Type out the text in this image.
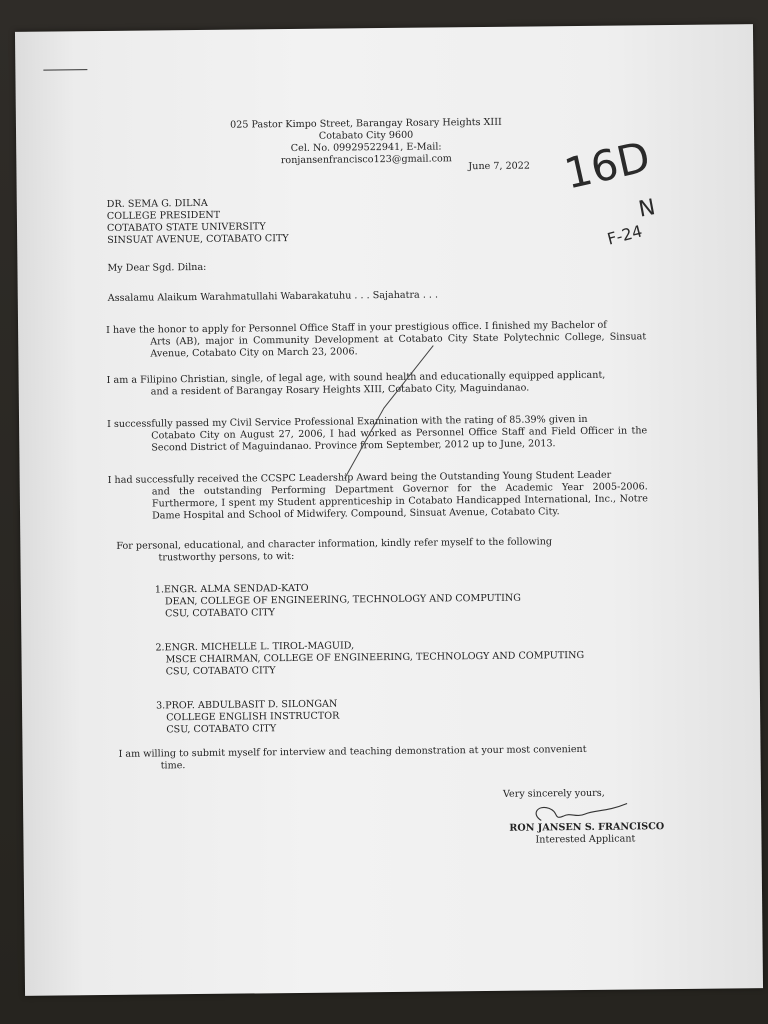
025 Pastor Kimpo Street, Barangay Rosary Heights XIII
Cotabato City 9600
Cel. No. 09929522941, E-Mail: ronjansenfrancisco123@gmail.com
June 7, 2022
DR. SEMA G. DILNA
COLLEGE PRESIDENT
COTABATO STATE UNIVERSITY
SINSUAT AVENUE, COTABATO CITY
My Dear Sgd. Dilna:
Assalamu Alaikum Warahmatullahi Wabarakatuhu . . . Sajahatra . . .
I have the honor to apply for Personnel Office Staff in your prestigious office. I finished my Bachelor of
Arts (AB), major in Community Development at Cotabato City State Polytechnic College, Sinsuat Avenue, Cotabato City on March 23, 2006.
I am a Filipino Christian, single, of legal age, with sound health and educationally equipped applicant,
and a resident of Barangay Rosary Heights XIII, Cotabato City, Maguindanao.
I successfully passed my Civil Service Professional Examination with the rating of 85.39% given in
Cotabato City on August 27, 2006, I had worked as Personnel Office Staff and Field Officer in the Second District of Maguindanao. Province from September, 2012 up to June, 2013.
I had successfully received the CCSPC Leadership Award being the Outstanding Young Student Leader
and the outstanding Performing Department Governor for the Academic Year 2005-2006. Furthermore, I spent my Student apprenticeship in Cotabato Handicapped International, Inc., Notre Dame Hospital and School of Midwifery. Compound, Sinsuat Avenue, Cotabato City.
For personal, educational, and character information, kindly refer myself to the following
trustworthy persons, to wit:
1.ENGR. ALMA SENDAD-KATO
DEAN, COLLEGE OF ENGINEERING, TECHNOLOGY AND COMPUTING
CSU, COTABATO CITY
2.ENGR. MICHELLE L. TIROL-MAGUID,
MSCE CHAIRMAN, COLLEGE OF ENGINEERING, TECHNOLOGY AND COMPUTING
CSU, COTABATO CITY
3.PROF. ABDULBASIT D. SILONGAN
COLLEGE ENGLISH INSTRUCTOR
CSU, COTABATO CITY
I am willing to submit myself for interview and teaching demonstration at your most convenient
time.
Very sincerely yours,
RON JANSEN S. FRANCISCO
Interested Applicant
16D
N
F-24
